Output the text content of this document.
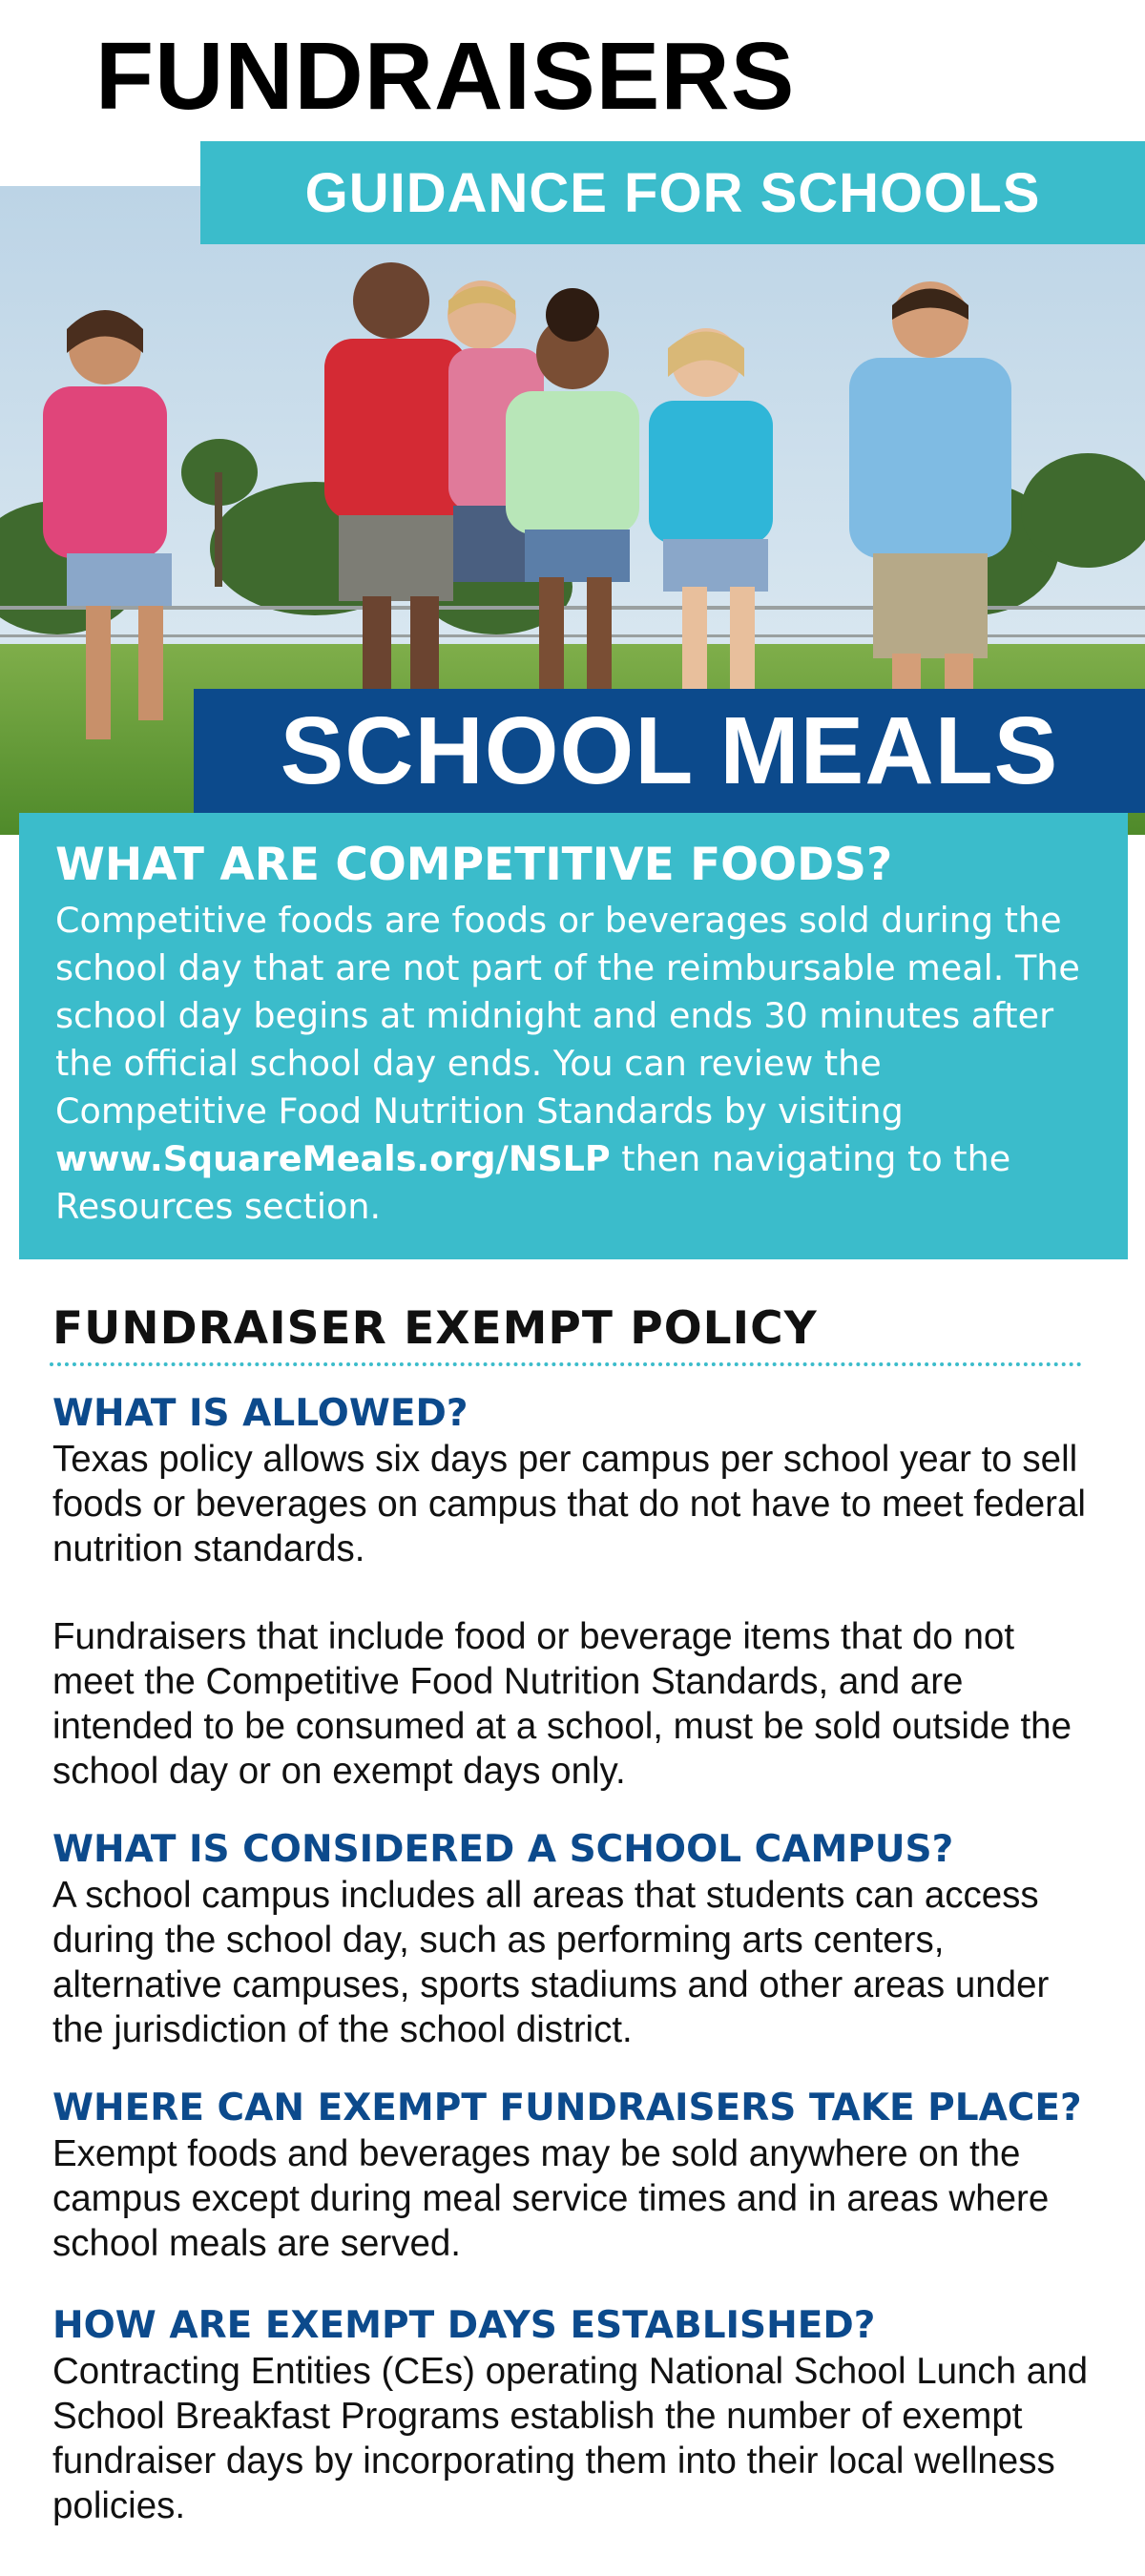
FUNDRAISERS
GUIDANCE FOR SCHOOLS
SCHOOL MEALS
WHAT ARE COMPETITIVE FOODS?

Competitive foods are foods or beverages sold during the school day that are not part of the reimbursable meal. The school day begins at midnight and ends 30 minutes after the official school day ends. You can review the Competitive Food Nutrition Standards by visiting www.SquareMeals.org/NSLP then navigating to the Resources section.

FUNDRAISER EXEMPT POLICY
WHAT IS ALLOWED?

Texas policy allows six days per campus per school year to sell foods or beverages on campus that do not have to meet federal nutrition standards.

Fundraisers that include food or beverage items that do not meet the Competitive Food Nutrition Standards, and are intended to be consumed at a school, must be sold outside the school day or on exempt days only.

WHAT IS CONSIDERED A SCHOOL CAMPUS?

A school campus includes all areas that students can access during the school day, such as performing arts centers, alternative campuses, sports stadiums and other areas under the jurisdiction of the school district.

WHERE CAN EXEMPT FUNDRAISERS TAKE PLACE?

Exempt foods and beverages may be sold anywhere on the campus except during meal service times and in areas where school meals are served.

HOW ARE EXEMPT DAYS ESTABLISHED?

Contracting Entities (CEs) operating National School Lunch and School Breakfast Programs establish the number of exempt fundraiser days by incorporating them into their local wellness policies.
